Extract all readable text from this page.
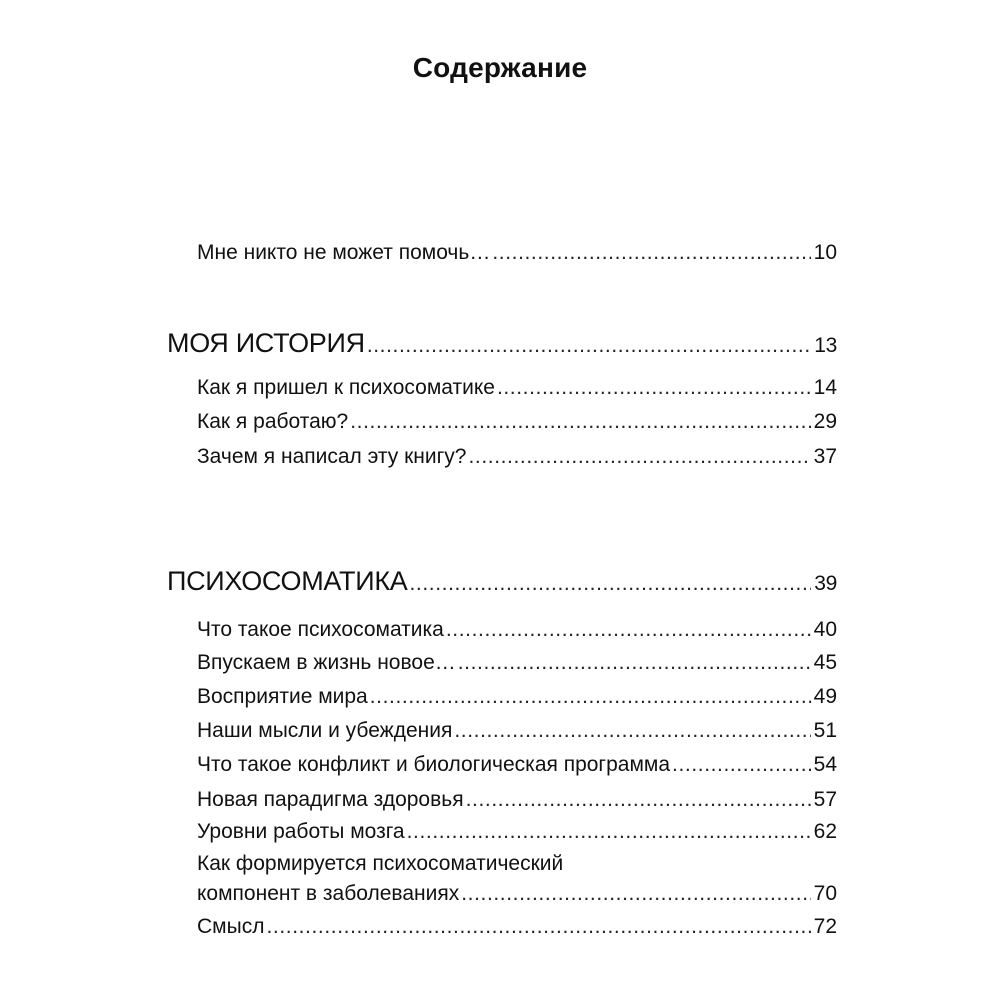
Содержание
Мне никто не может помочь… .....	10
МОЯ ИСТОРИЯ .....	13
Как я пришел к психосоматике .....	14
Как я работаю? .....	29
Зачем я написал эту книгу? .....	37
ПСИХОСОМАТИКА .....	39
Что такое психосоматика .....	40
Впускаем в жизнь новое… .....	45
Восприятие мира .....	49
Наши мысли и убеждения .....	51
Что такое конфликт и биологическая программа .....	54
Новая парадигма здоровья .....	57
Уровни работы мозга .....	62
Как формируется психосоматический
компонент в заболеваниях .....	70
Смысл .....	72
